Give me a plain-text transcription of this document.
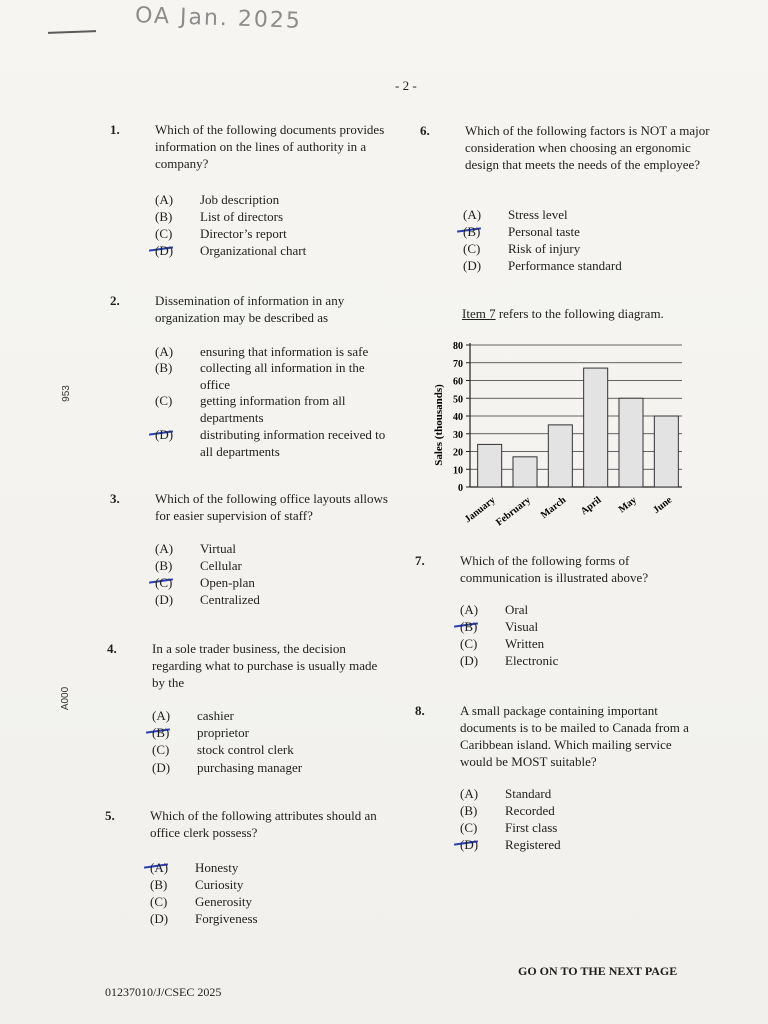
OA Jan. 2025
- 2 -
953
A000
1.	Which of the following documents provides information on the lines of authority in a company?
(A)	Job description
(B)	List of directors
(C)	Director’s report
(D)	Organizational chart
2.	Dissemination of information in any organization may be described as
(A)	ensuring that information is safe
(B)	collecting all information in the office
(C)	getting information from all departments
(D)	distributing information received to all departments
3.	Which of the following office layouts allows for easier supervision of staff?
(A)	Virtual
(B)	Cellular
(C)	Open-plan
(D)	Centralized
4.	In a sole trader business, the decision regarding what to purchase is usually made by the
(A)	cashier
(B)	proprietor
(C)	stock control clerk
(D)	purchasing manager
5.	Which of the following attributes should an office clerk possess?
(A)	Honesty
(B)	Curiosity
(C)	Generosity
(D)	Forgiveness
6.	Which of the following factors is NOT a major consideration when choosing an ergonomic design that meets the needs of the employee?
(A)	Stress level
(B)	Personal taste
(C)	Risk of injury
(D)	Performance standard
Item 7 refers to the following diagram.
0
10
20
30
40
50
60
70
80
January
February March April May June
Sales (thousands)
7.	Which of the following forms of communication is illustrated above?
(A)	Oral
(B)	Visual
(C)	Written
(D)	Electronic
8.	A small package containing important documents is to be mailed to Canada from a Caribbean island. Which mailing service would be MOST suitable?
(A)	Standard
(B)	Recorded
(C)	First class
(D)	Registered
GO ON TO THE NEXT PAGE
01237010/J/CSEC 2025
